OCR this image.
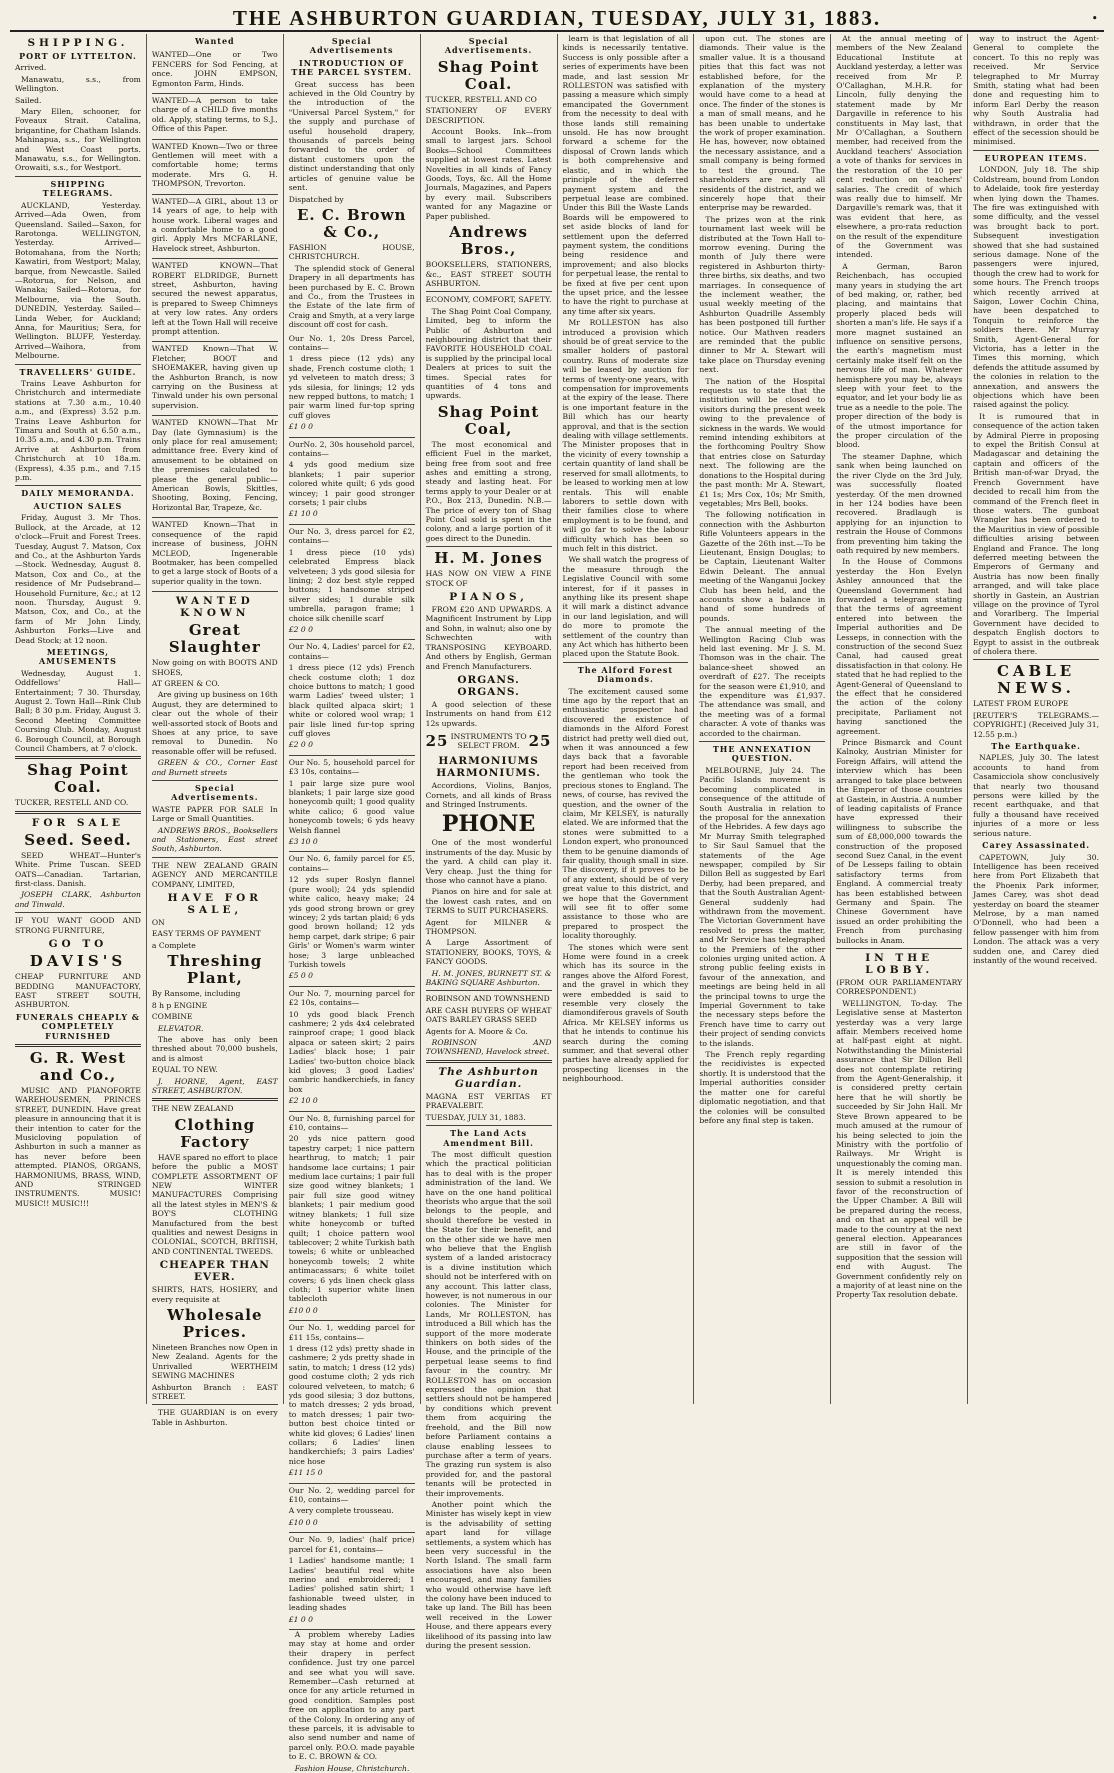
THE ASHBURTON GUARDIAN, TUESDAY, JULY 31, 1883.	•
SHIPPING.
PORT OF LYTTELTON.

Arrived.

Manawatu, s.s., from Wellington.

Sailed.

Mary Ellen, schooner, for Foveaux Strait. Catalina, brigantine, for Chatham Islands. Mahinapua, s.s., for Wellington and West Coast ports. Manawatu, s.s., for Wellington. Orowaiti, s.s., for Westport.

SHIPPING TELEGRAMS.

AUCKLAND, Yesterday. Arrived—Ada Owen, from Queensland. Sailed—Saxon, for Rarotonga. WELLINGTON, Yesterday. Arrived—Botomahana, from the North; Kawatiri, from Westport; Malay, barque, from Newcastle. Sailed—Rotorua, for Nelson, and Wanaka; Sailed—Rotorua, for Melbourne, via the South. DUNEDIN, Yesterday. Sailed—Linda Weber, for Auckland; Anna, for Mauritius; Sera, for Wellington. BLUFF, Yesterday. Arrived—Waihora, from Melbourne.

TRAVELLERS' GUIDE.

Trains Leave Ashburton for Christchurch and intermediate stations at 7.30 a.m., 10.40 a.m., and (Express) 3.52 p.m. Trains Leave Ashburton for Timaru and South at 6.50 a.m., 10.35 a.m., and 4.30 p.m. Trains Arrive at Ashburton from Christchurch at 10 18a.m. (Express), 4.35 p.m., and 7.15 p.m.

DAILY MEMORANDA.
AUCTION SALES

Friday, August 3. Mr Thos. Bullock, at the Arcade, at 12 o'clock—Fruit and Forest Trees. Tuesday, August 7. Matson, Cox and Co., at the Ashburton Yards—Stock. Wednesday, August 8. Matson, Cox and Co., at the residence of Mr Pudsebrand—Household Furniture, &c.; at 12 noon. Thursday, August 9. Matson, Cox, and Co., at the farm of Mr John Lindy, Ashburton Forks—Live and Dead Stock; at 12 noon.

MEETINGS, AMUSEMENTS

Wednesday, August 1. Oddfellows' Hall—Entertainment; 7 30. Thursday, August 2. Town Hall—Rink Club Ball; 8 30 p.m. Friday, August 3. Second Meeting Committee Coursing Club. Monday, August 6. Borough Council, at Borough Council Chambers, at 7 o'clock.

Shag Point Coal.

TUCKER, RESTELL AND CO.

FOR SALE
Seed. Seed.

SEED WHEAT—Hunter's White. Prime Tuscan. SEED OATS—Canadian. Tartarian, first-class. Danish.

JOSEPH CLARK, Ashburton and Tinwald.

IF YOU WANT GOOD AND STRONG FURNITURE,

GO TO
DAVIS'S

CHEAP FURNITURE AND BEDDING MANUFACTORY, EAST STREET SOUTH, ASHBURTON.

FUNERALS CHEAPLY & COMPLETELY FURNISHED
G. R. West and Co.,

MUSIC AND PIANOFORTE WAREHOUSEMEN, PRINCES STREET, DUNEDIN. Have great pleasure in announcing that it is their intention to cater for the Musicloving population of Ashburton in such a manner as has never before been attempted. PIANOS, ORGANS, HARMONIUMS, BRASS, WIND, AND STRINGED INSTRUMENTS. MUSIC! MUSIC!! MUSIC!!!

Wanted

WANTED—One or Two FENCERS for Sod Fencing, at once. JOHN EMPSON, Egmonton Farm, Hinds.

WANTED—A person to take charge of a CHILD five months old. Apply, stating terms, to S.J., Office of this Paper.

WANTED Known—Two or three Gentlemen will meet with a comfortable home; terms moderate. Mrs G. H. THOMPSON, Trevorton.

WANTED—A GIRL, about 13 or 14 years of age, to help with house work. Liberal wages and a comfortable home to a good girl. Apply Mrs MCFARLANE, Havelock street, Ashburton.

WANTED KNOWN—That ROBERT ELDRIDGE, Burnett street, Ashburton, having secured the newest apparatus, is prepared to Sweep Chimneys at very low rates. Any orders left at the Town Hall will receive prompt attention.

WANTED Known—That W. Fletcher, BOOT and SHOEMAKER, having given up the Ashburton Branch, is now carrying on the Business at Tinwald under his own personal supervision.

WANTED KNOWN—That Mr Day (late Gymnasium) is the only place for real amusement; admittance free. Every kind of amusement to be obtained on the premises calculated to please the general public—American Bowls, Skittles, Shooting, Boxing, Fencing, Horizontal Bar, Trapeze, &c.

WANTED Known—That in consequence of the rapid increase of business, JOHN MCLEOD, Ingenerable Bootmaker, has been compelled to get a large stock of Boots of a superior quality in the town.

WANTED KNOWN
Great Slaughter

Now going on with BOOTS AND SHOES,

AT GREEN & CO.

Are giving up business on 16th August, they are determined to clear out the whole of their well-assorted stock of Boots and Shoes at any price, to save removal to Dunedin. No reasonable offer will be refused.

GREEN & CO., Corner East and Burnett streets

Special Advertisements.

WASTE PAPER FOR SALE In Large or Small Quantities.

ANDREWS BROS., Booksellers and Stationers, East street South, Ashburton.

THE NEW ZEALAND GRAIN AGENCY AND MERCANTILE COMPANY, LIMITED,

HAVE FOR SALE,

ON

EASY TERMS OF PAYMENT

a Complete

Threshing Plant,

By Ransome, including

8 h p ENGINE

COMBINE

ELEVATOR.

The above has only been threshed about 70,000 bushels, and is almost

EQUAL TO NEW.

J. HORNE, Agent, EAST STREET, ASHBURTON.

THE NEW ZEALAND

Clothing Factory

HAVE spared no effort to place before the public a MOST COMPLETE ASSORTMENT OF NEW WINTER MANUFACTURES Comprising all the latest styles in MEN'S & BOY'S CLOTHING Manufactured from the best qualities and newest Designs in COLONIAL, SCOTCH, BRITISH, AND CONTINENTAL TWEEDS.

CHEAPER THAN EVER.

SHIRTS, HATS, HOSIERY, and every requisite at

Wholesale Prices.

Nineteen Branches now Open in New Zealand. Agents for the Unrivalled WERTHEIM SEWING MACHINES

Ashburton Branch : EAST STREET.

THE GUARDIAN is on every Table in Ashburton.

Special Advertisements
INTRODUCTION OF THE PARCEL SYSTEM.

Great success has been achieved in the Old Country by the introduction of the "Universal Parcel System," for the supply and purchase of useful household drapery, thousands of parcels being forwarded to the order of distant customers upon the distinct understanding that only articles of genuine value be sent.

Dispatched by

E. C. Brown & Co.,

FASHION HOUSE, CHRISTCHURCH.

The splendid stock of General Drapery in all departments has been purchased by E. C. Brown and Co., from the Trustees in the Estate of the late firm of Craig and Smyth, at a very large discount off cost for cash.

Our No. 1, 20s Dress Parcel, contains—

1 dress piece (12 yds) any shade, French costume cloth; 1 yd velveteen to match dress; 3 yds silesia, for linings; 12 yds new repped buttons, to match; 1 pair warm lined fur-top spring cuff gloves

£1 0 0

OurNo. 2, 30s household parcel, contains—

4 yds good medium size blankets; 1 pair superior colored white quilt; 6 yds good wincey; 1 pair good stronger corsets; 1 pair clubs

£1 10 0

Our No. 3, dress parcel for £2, contains—

1 dress piece (10 yds) celebrated Empress black velveteen; 3 yds good silesia for lining; 2 doz best style repped buttons; 1 handsome striped silver sides; 1 durable silk umbrella, paragon frame; 1 choice silk chenille scarf

£2 0 0

Our No. 4, Ladies' parcel for £2, contains—

1 dress piece (12 yds) French check costume cloth; 1 doz choice buttons to match; 1 good warm Ladies' tweed ulster; 1 black quilted alpaca skirt; 1 white or colored wool wrap; 1 pair lisle lined fur-top spring cuff gloves

£2 0 0

Our No. 5, household parcel for £3 10s, contains—

1 pair large size pure wool blankets; 1 pair large size good honeycomb quilt; 1 good quality white calico; 6 good value honeycomb towels; 6 yds heavy Welsh flannel

£3 10 0

Our No. 6, family parcel for £5, contains—

12 yds super Roslyn flannel (pure wool); 24 yds splendid white calico, heavy make; 24 yds good strong brown or grey wincey; 2 yds tartan plaid; 6 yds good brown holland; 12 yds hemp carpet, dark stripe; 6 pair Girls' or Women's warm winter hose; 3 large unbleached Turkish towels

£5 0 0

Our No. 7, mourning parcel for £2 10s, contains—

10 yds good black French cashmere; 2 yds 4x4 celebrated rainproof crape; 1 good black alpaca or sateen skirt; 2 pairs Ladies' black hose; 1 pair Ladies' two-button choice black kid gloves; 3 good Ladies' cambric handkerchiefs, in fancy box

£2 10 0

Our No. 8, furnishing parcel for £10, contains—

20 yds nice pattern good tapestry carpet; 1 nice pattern hearthrug, to match; 1 pair handsome lace curtains; 1 pair medium lace curtains; 1 pair full size good witney blankets; 1 pair full size good witney blankets; 1 pair medium good witney blankets; 1 full size white honeycomb or tufted quilt; 1 choice pattern wool tablecover; 2 white Turkish bath towels; 6 white or unbleached honeycomb towels; 2 white antimacassars; 6 white toilet covers; 6 yds linen check glass cloth; 1 superior white linen tablecloth

£10 0 0

Our No. 1, wedding parcel for £11 15s, contains—

1 dress (12 yds) pretty shade in cashmere; 2 yds pretty shade in satin, to match; 1 dress (12 yds) good costume cloth; 2 yds rich coloured velveteen, to match; 6 yds good silesia; 3 doz buttons, to match dresses; 2 yds broad, to match dresses; 1 pair two-button best choice tinted or white kid gloves; 6 Ladies' linen collars; 6 Ladies' linen handkerchiefs; 3 pairs Ladies' nice hose

£11 15 0

Our No. 2, wedding parcel for £10, contains—

A very complete trousseau.

£10 0 0

Our No. 9, ladies' (half price) parcel for £1, contains—

1 Ladies' handsome mantle; 1 Ladies' beautiful real white merino and embroidered; 1 Ladies' polished satin shirt; 1 fashionable tweed ulster, in leading shades

£1 0 0

A problem whereby Ladies may stay at home and order their drapery in perfect confidence. Just try one parcel and see what you will save. Remember—Cash returned at once for any article returned in good condition. Samples post free on application to any part of the Colony. In ordering any of these parcels, it is advisable to also send number and name of parcel only. P.O.O. made payable to E. C. BROWN & CO.

Fashion House, Christchurch.

Special Advertisements.
Shag Point Coal.

TUCKER, RESTELL AND CO

STATIONERY OF EVERY DESCRIPTION.

Account Books. Ink—from small to largest jars. School Books—School Committees supplied at lowest rates. Latest Novelties in all kinds of Fancy Goods, Toys, &c. All the Home Journals, Magazines, and Papers by every mail. Subscribers wanted for any Magazine or Paper published.

Andrews Bros.,

BOOKSELLERS, STATIONERS, &c., EAST STREET SOUTH ASHBURTON.

ECONOMY, COMFORT, SAFETY.

The Shag Point Coal Company, Limited, beg to inform the Public of Ashburton and neighbouring district that their FAVORITE HOUSEHOLD COAL is supplied by the principal local Dealers at prices to suit the times. Special rates for quantities of 4 tons and upwards.

Shag Point Coal,

The most economical and efficient Fuel in the market, being free from soot and free ashes and emitting a strong, steady and lasting heat. For terms apply to your Dealer or at P.O., Box 213, Dunedin. N.B.—The price of every ton of Shag Point Coal sold is spent in the colony, and a large portion of it goes direct to the Dunedin.

H. M. Jones

HAS NOW ON VIEW A FINE STOCK OF

PIANOS,

FROM £20 AND UPWARDS. A Magnificent Instrument by Lipp and Sohn, in walnut; also one by Schwechten with TRANSPOSING KEYBOARD. And others by English, German and French Manufacturers.

ORGANS. ORGANS.

A good selection of these Instruments on hand from £12 12s upwards.

25 INSTRUMENTS TO SELECT FROM. 25
HARMONIUMS HARMONIUMS.

Accordions, Violins, Banjos, Cornets, and all kinds of Brass and Stringed Instruments.

PHONE

One of the most wonderful instruments of the day. Music by the yard. A child can play it. Very cheap. Just the thing for those who cannot have a piano.

Pianos on hire and for sale at the lowest cash rates, and on TERMS to SUIT PURCHASERS.

Agent for MILNER & THOMPSON.

A Large Assortment of STATIONERY, BOOKS, TOYS, & FANCY GOODS.

H. M. JONES, BURNETT ST. & BAKING SQUARE Ashburton.

ROBINSON AND TOWNSHEND

ARE CASH BUYERS OF WHEAT OATS BARLEY GRASS SEED

Agents for A. Moore & Co.

ROBINSON AND TOWNSHEND, Havelock street.

The Ashburton Guardian.

MAGNA EST VERITAS ET PRAEVALEBIT.

TUESDAY, JULY 31, 1883.

The Land Acts Amendment Bill.

The most difficult question which the practical politician has to deal with is the proper administration of the land. We have on the one hand political theorists who argue that the soil belongs to the people, and should therefore be vested in the State for their benefit, and on the other side we have men who believe that the English system of a landed aristocracy is a divine institution which should not be interfered with on any account. This latter class, however, is not numerous in our colonies. The Minister for Lands, Mr ROLLESTON, has introduced a Bill which has the support of the more moderate thinkers on both sides of the House, and the principle of the perpetual lease seems to find favour in the country. Mr ROLLESTON has on occasion expressed the opinion that settlers should not be hampered by conditions which prevent them from acquiring the freehold, and the Bill now before Parliament contains a clause enabling lessees to purchase after a term of years. The grazing run system is also provided for, and the pastoral tenants will be protected in their improvements.

Another point which the Minister has wisely kept in view is the advisability of setting apart land for village settlements, a system which has been very successful in the North Island. The small farm associations have also been encouraged, and many families who would otherwise have left the colony have been induced to take up land. The Bill has been well received in the Lower House, and there appears every likelihood of its passing into law during the present session.

learn is that legislation of all kinds is necessarily tentative. Success is only possible after a series of experiments have been made, and last session Mr ROLLESTON was satisfied with passing a measure which simply emancipated the Government from the necessity to deal with those lands still remaining unsold. He has now brought forward a scheme for the disposal of Crown lands which is both comprehensive and elastic, and in which the principle of the deferred payment system and the perpetual lease are combined. Under this Bill the Waste Lands Boards will be empowered to set aside blocks of land for settlement upon the deferred payment system, the conditions being residence and improvement; and also blocks for perpetual lease, the rental to be fixed at five per cent upon the upset price, and the lessee to have the right to purchase at any time after six years.

Mr ROLLESTON has also introduced a provision which should be of great service to the smaller holders of pastoral country. Runs of moderate size will be leased by auction for terms of twenty-one years, with compensation for improvements at the expiry of the lease. There is one important feature in the Bill which has our hearty approval, and that is the section dealing with village settlements. The Minister proposes that in the vicinity of every township a certain quantity of land shall be reserved for small allotments, to be leased to working men at low rentals. This will enable laborers to settle down with their families close to where employment is to be found, and will go far to solve the labour difficulty which has been so much felt in this district.

We shall watch the progress of the measure through the Legislative Council with some interest, for if it passes in anything like its present shape it will mark a distinct advance in our land legislation, and will do more to promote the settlement of the country than any Act which has hitherto been placed upon the Statute Book.

The Alford Forest Diamonds.

The excitement caused some time ago by the report that an enthusiastic prospector had discovered the existence of diamonds in the Alford Forest district had pretty well died out, when it was announced a few days back that a favorable report had been received from the gentleman who took the precious stones to England. The news, of course, has revived the question, and the owner of the claim, Mr KELSEY, is naturally elated. We are informed that the stones were submitted to a London expert, who pronounced them to be genuine diamonds of fair quality, though small in size. The discovery, if it proves to be of any extent, should be of very great value to this district, and we hope that the Government will see fit to offer some assistance to those who are prepared to prospect the locality thoroughly.

The stones which were sent Home were found in a creek which has its source in the ranges above the Alford Forest, and the gravel in which they were embedded is said to resemble very closely the diamondiferous gravels of South Africa. Mr KELSEY informs us that he intends to continue his search during the coming summer, and that several other parties have already applied for prospecting licenses in the neighbourhood.

upon cut. The stones are diamonds. Their value is the smaller value. It is a thousand pities that this fact was not established before, for the explanation of the mystery would have come to a head at once. The finder of the stones is a man of small means, and he has been unable to undertake the work of proper examination. He has, however, now obtained the necessary assistance, and a small company is being formed to test the ground. The shareholders are nearly all residents of the district, and we sincerely hope that their enterprise may be rewarded.

The prizes won at the rink tournament last week will be distributed at the Town Hall to-morrow evening. During the month of July there were registered in Ashburton thirty-three births, six deaths, and two marriages. In consequence of the inclement weather, the usual weekly meeting of the Ashburton Quadrille Assembly has been postponed till further notice. Our Mathven readers are reminded that the public dinner to Mr A. Stewart will take place on Thursday evening next.

The nation of the Hospital requests us to state that the institution will be closed to visitors during the present week owing to the prevalence of sickness in the wards. We would remind intending exhibitors at the forthcoming Poultry Show that entries close on Saturday next. The following are the donations to the Hospital during the past month: Mr A. Stewart, £1 1s; Mrs Cox, 10s; Mr Smith, vegetables; Mrs Bell, books.

The following notification in connection with the Ashburton Rifle Volunteers appears in the Gazette of the 26th inst.—To be Lieutenant, Ensign Douglas; to be Captain, Lieutenant Walter Edwin Deleant. The annual meeting of the Wanganui Jockey Club has been held, and the accounts show a balance in hand of some hundreds of pounds.

The annual meeting of the Wellington Racing Club was held last evening. Mr J. S. M. Thomson was in the chair. The balance-sheet showed an overdraft of £27. The receipts for the season were £1,910, and the expenditure was £1,937. The attendance was small, and the meeting was of a formal character. A vote of thanks was accorded to the chairman.

THE ANNEXATION QUESTION.

MELBOURNE, July 24. The Pacific Islands movement is becoming complicated in consequence of the attitude of South Australia in relation to the proposal for the annexation of the Hebrides. A few days ago Mr Murray Smith telegraphed to Sir Saul Samuel that the statements of the Age newspaper, compiled by Sir Dillon Bell as suggested by Earl Derby, had been prepared, and that the South Australian Agent-General suddenly had withdrawn from the movement. The Victorian Government have resolved to press the matter, and Mr Service has telegraphed to the Premiers of the other colonies urging united action. A strong public feeling exists in favour of the annexation, and meetings are being held in all the principal towns to urge the Imperial Government to take the necessary steps before the French have time to carry out their project of sending convicts to the islands.

The French reply regarding the recidivistes is expected shortly. It is understood that the Imperial authorities consider the matter one for careful diplomatic negotiation, and that the colonies will be consulted before any final step is taken.

At the annual meeting of members of the New Zealand Educational Institute at Auckland yesterday, a letter was received from Mr P. O'Callaghan, M.H.R. for Lincoln, fully denying the statement made by Mr Dargaville in reference to his constituents in May last, that Mr O'Callaghan, a Southern member, had received from the Auckland teachers' Association a vote of thanks for services in the restoration of the 10 per cent reduction on teachers' salaries. The credit of which was really due to himself. Mr Dargaville's remark was, that it was evident that here, as elsewhere, a pro-rata reduction on the result of the expenditure of the Government was intended.

A German, Baron Reichenbach, has occupied many years in studying the art of bed making, or, rather, bed placing, and maintains that properly placed beds will shorten a man's life. He says if a more magnet sustained an influence on sensitive persons, the earth's magnetism must certainly make itself felt on the nervous life of man. Whatever hemisphere you may be, always sleep with your feet to the equator, and let your body lie as true as a needle to the pole. The proper direction of the body is of the utmost importance for the proper circulation of the blood.

The steamer Daphne, which sank when being launched on the river Clyde on the 3rd July, was successfully floated yesterday. Of the men drowned in her 124 bodies have been recovered. Bradlaugh is applying for an injunction to restrain the House of Commons from preventing him taking the oath required by new members.

In the House of Commons yesterday the Hon Evelyn Ashley announced that the Queensland Government had forwarded a telegram stating that the terms of agreement entered into between the Imperial authorities and De Lesseps, in connection with the construction of the second Suez Canal, had caused great dissatisfaction in that colony. He stated that he had replied to the Agent-General of Queensland to the effect that he considered the action of the colony precipitate, Parliament not having sanctioned the agreement.

Prince Bismarck and Count Kalnoky, Austrian Minister for Foreign Affairs, will attend the interview which has been arranged to take place between the Emperor of those countries at Gastein, in Austria. A number of leading capitalists of France have expressed their willingness to subscribe the sum of £8,000,000 towards the construction of the proposed second Suez Canal, in the event of De Lesseps failing to obtain satisfactory terms from England. A commercial treaty has been established between Germany and Spain. The Chinese Government have issued an order prohibiting the French from purchasing bullocks in Anam.

IN THE LOBBY.

(FROM OUR PARLIAMENTARY CORRESPONDENT.)

WELLINGTON, To-day. The Legislative sense at Masterton yesterday was a very large affair. Members received home at half-past eight at night. Notwithstanding the Ministerial assurance that Sir Dillon Bell does not contemplate retiring from the Agent-Generalship, it is considered pretty certain here that he will shortly be succeeded by Sir John Hall. Mr Steve Brown appeared to be much amused at the rumour of his being selected to join the Ministry with the portfolio of Railways. Mr Wright is unquestionably the coming man. It is merely intended this session to submit a resolution in favor of the reconstruction of the Upper Chamber. A Bill will be prepared during the recess, and on that an appeal will be made to the country at the next general election. Appearances are still in favor of the supposition that the session will end with August. The Government confidently rely on a majority of at least nine on the Property Tax resolution debate.

way to instruct the Agent-General to complete the concert. To this no reply was received. Mr Service telegraphed to Mr Murray Smith, stating what had been done and requesting him to inform Earl Derby the reason why South Australia had withdrawn, in order that the effect of the secession should be minimised.

EUROPEAN ITEMS.

LONDON, July 18. The ship Coldstream, bound from London to Adelaide, took fire yesterday when lying down the Thames. The fire was extinguished with some difficulty, and the vessel was brought back to port. Subsequent investigation showed that she had sustained serious damage. None of the passengers were injured, though the crew had to work for some hours. The French troops which recently arrived at Saigon, Lower Cochin China, have been despatched to Tonquin to reinforce the soldiers there. Mr Murray Smith, Agent-General for Victoria, has a letter in the Times this morning, which defends the attitude assumed by the colonies in relation to the annexation, and answers the objections which have been raised against the policy.

It is rumoured that in consequence of the action taken by Admiral Pierre in proposing to expel the British Consul at Madagascar and detaining the captain and officers of the British man-of-war Dryad, the French Government have decided to recall him from the command of the French fleet in those waters. The gunboat Wrangler has been ordered to the Mauritius in view of possible difficulties arising between England and France. The long deferred meeting between the Emperors of Germany and Austria has now been finally arranged, and will take place shortly in Gastein, an Austrian village on the province of Tyrol and Vorarlberg. The Imperial Government have decided to despatch English doctors to Egypt to assist in the outbreak of cholera there.

CABLE NEWS.

LATEST FROM EUROPE

[REUTER'S TELEGRAMS.—COPYRIGHT.] (Received July 31, 12.55 p.m.)

The Earthquake.

NAPLES, July 30. The latest accounts to hand from Casamicciola show conclusively that nearly two thousand persons were killed by the recent earthquake, and that fully a thousand have received injuries of a more or less serious nature.

Carey Assassinated.

CAPETOWN, July 30. Intelligence has been received here from Port Elizabeth that the Phoenix Park informer, James Carey, was shot dead yesterday on board the steamer Melrose, by a man named O'Donnell, who had been a fellow passenger with him from London. The attack was a very sudden one, and Carey died instantly of the wound received.
